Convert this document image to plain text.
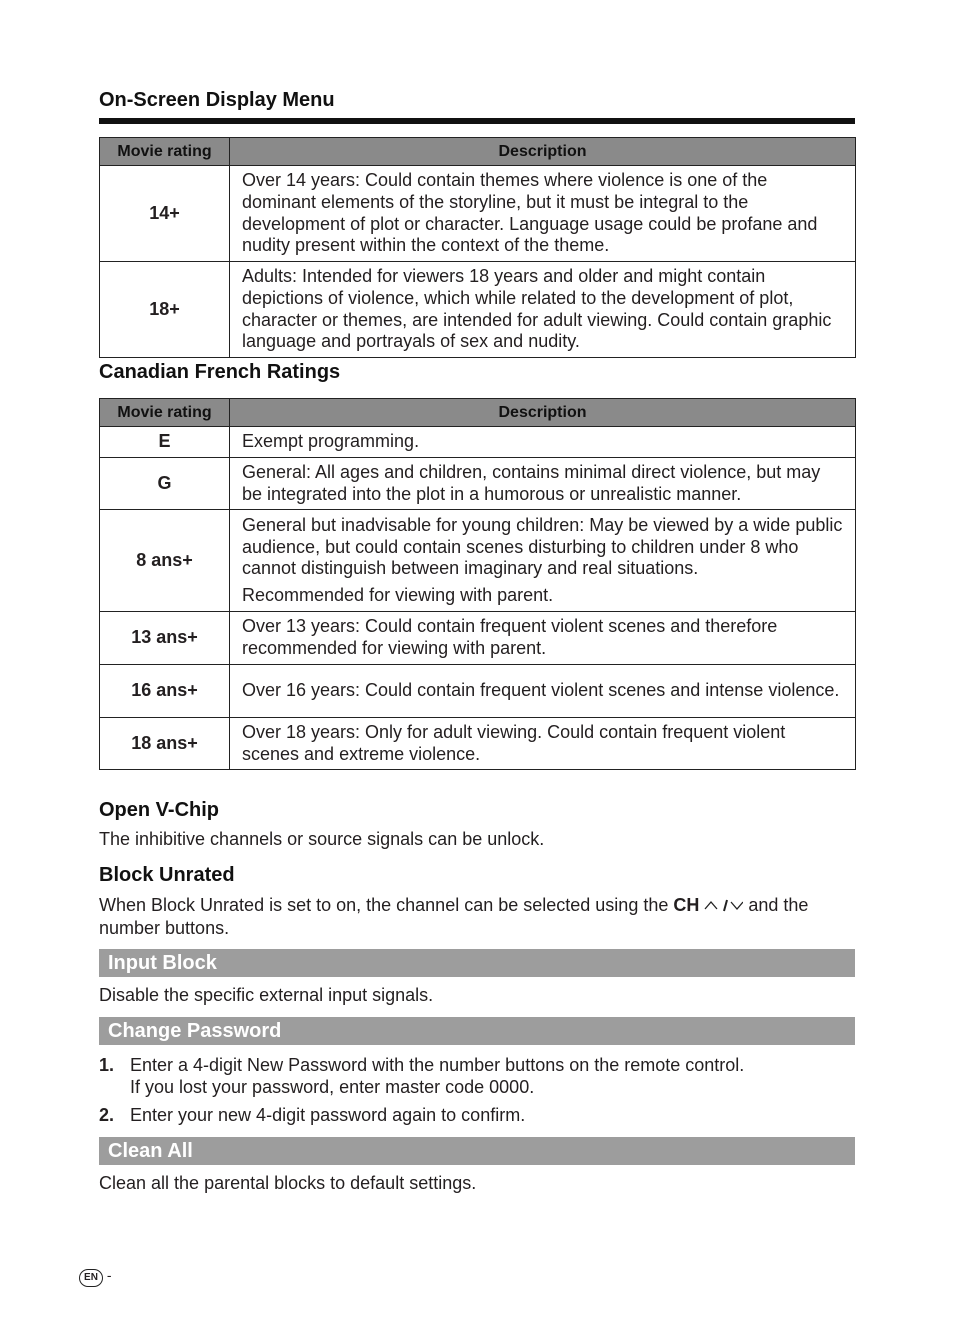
On-Screen Display Menu
Movie rating	Description
14+	Over 14 years: Could contain themes where violence is one of the dominant elements of the storyline, but it must be integral to the development of plot or character. Language usage could be profane and nudity present within the context of the theme.

18+	Adults: Intended for viewers 18 years and older and might contain depictions of violence, which while related to the development of plot, character or themes, are intended for adult viewing. Could contain graphic language and portrayals of sex and nudity.

Canadian French Ratings
Movie rating	Description
E	Exempt programming.

G	General: All ages and children, contains minimal direct violence, but may be integrated into the plot in a humorous or unrealistic manner.

8 ans+	General but inadvisable for young children: May be viewed by a wide public audience, but could contain scenes disturbing to children under 8 who cannot distinguish between imaginary and real situations.

Recommended for viewing with parent.

13 ans+	Over 13 years: Could contain frequent violent scenes and therefore recommended for viewing with parent.

16 ans+	Over 16 years: Could contain frequent violent scenes and intense violence.

18 ans+	Over 18 years: Only for adult viewing. Could contain frequent violent scenes and extreme violence.

Open V-Chip
The inhibitive channels or source signals can be unlock.
Block Unrated
When Block Unrated is set to on, the channel can be selected using the CH and the number buttons.
Input Block
Disable the specific external input signals.
Change Password
1. Enter a 4-digit New Password with the number buttons on the remote control.
If you lost your password, enter master code 0000.
2. Enter your new 4-digit password again to confirm.
Clean All
Clean all the parental blocks to default settings.
EN -
